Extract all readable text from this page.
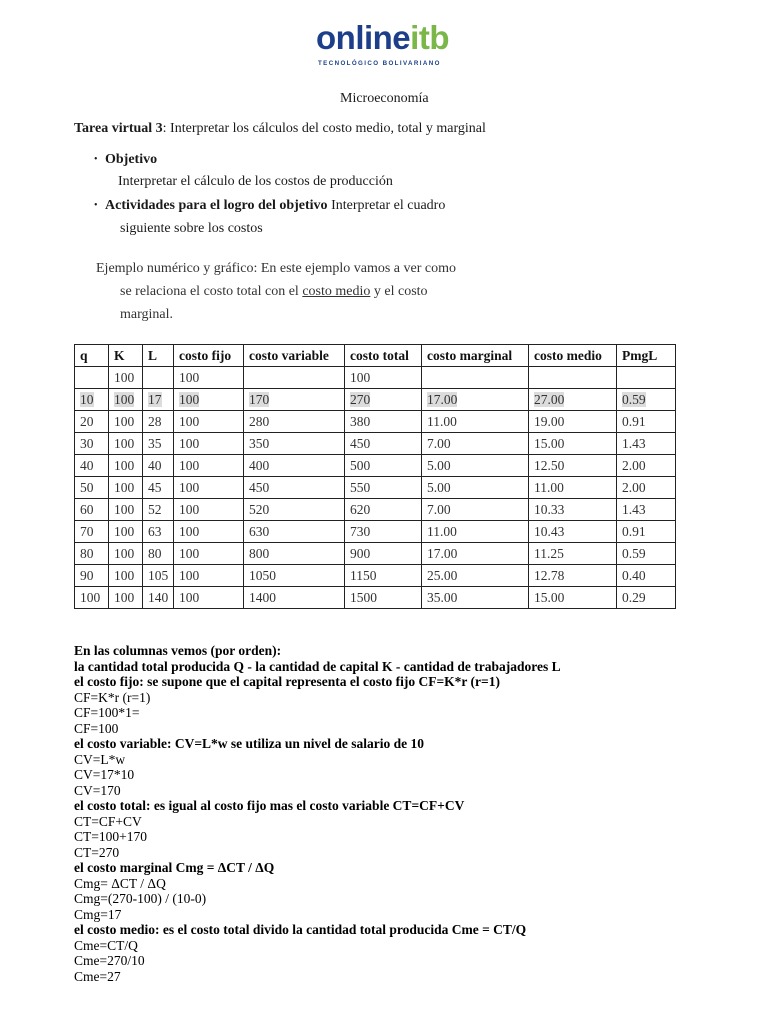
onlineitb
TECNOLÓGICO BOLIVARIANO
Microeconomía
Tarea virtual 3: Interpretar los cálculos del costo medio, total y marginal
• Objetivo
Interpretar el cálculo de los costos de producción
• Actividades para el logro del objetivo Interpretar el cuadro
siguiente sobre los costos
Ejemplo numérico y gráfico: En este ejemplo vamos a ver como
se relaciona el costo total con el costo medio y el costo
marginal.
q	K	L	costo fijo	costo variable	costo total	costo marginal	costo medio	PmgL
	100		100		100			
10	100	17	100	170	270	17.00	27.00	0.59
20	100	28	100	280	380	11.00	19.00	0.91
30	100	35	100	350	450	7.00	15.00	1.43
40	100	40	100	400	500	5.00	12.50	2.00
50	100	45	100	450	550	5.00	11.00	2.00
60	100	52	100	520	620	7.00	10.33	1.43
70	100	63	100	630	730	11.00	10.43	0.91
80	100	80	100	800	900	17.00	11.25	0.59
90	100	105	100	1050	1150	25.00	12.78	0.40
100	100	140	100	1400	1500	35.00	15.00	0.29
En las columnas vemos (por orden):
la cantidad total producida Q - la cantidad de capital K - cantidad de trabajadores L
el costo fijo: se supone que el capital representa el costo fijo CF=K*r (r=1)
CF=K*r (r=1)
CF=100*1=
CF=100
el costo variable: CV=L*w se utiliza un nivel de salario de 10
CV=L*w
CV=17*10
CV=170
el costo total: es igual al costo fijo mas el costo variable CT=CF+CV
CT=CF+CV
CT=100+170
CT=270
el costo marginal Cmg = ΔCT / ΔQ
Cmg= ΔCT / ΔQ
Cmg=(270-100) / (10-0)
Cmg=17
el costo medio: es el costo total divido la cantidad total producida Cme = CT/Q
Cme=CT/Q
Cme=270/10
Cme=27
